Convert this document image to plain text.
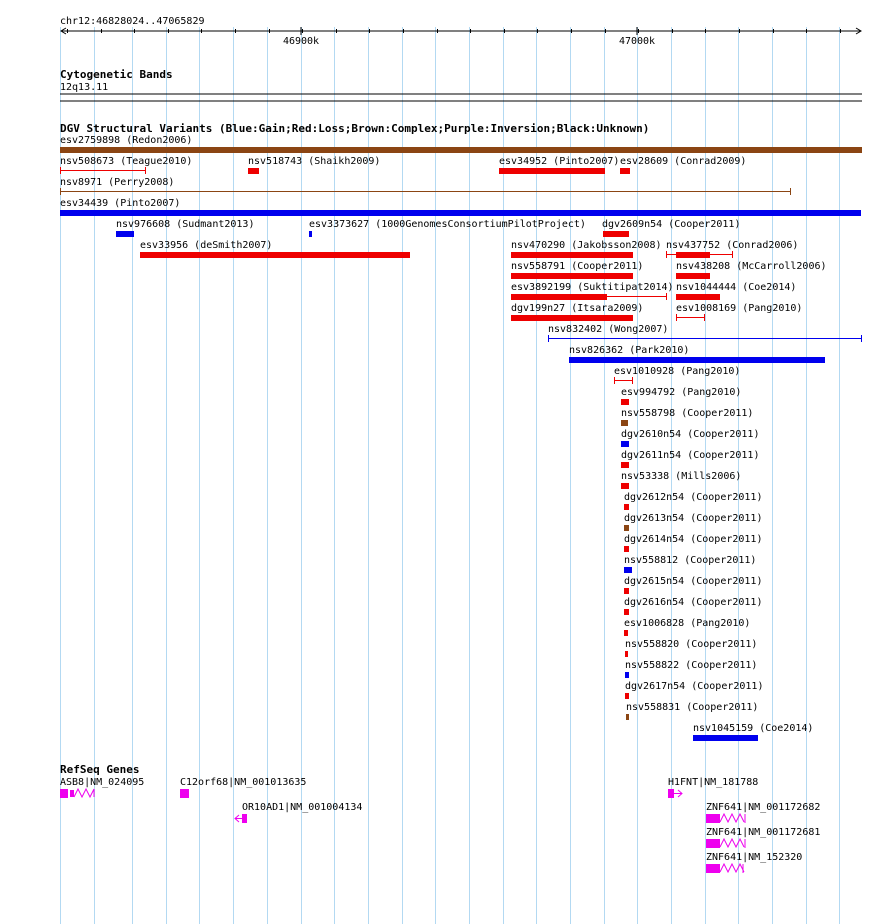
chr12:46828024..47065829
46900k	47000k
Cytogenetic Bands
12q13.11
DGV Structural Variants (Blue:Gain;Red:Loss;Brown:Complex;Purple:Inversion;Black:Unknown)
esv2759898 (Redon2006)
nsv508673 (Teague2010)	nsv518743 (Shaikh2009)	esv34952 (Pinto2007) esv28609 (Conrad2009)
nsv8971 (Perry2008)
esv34439 (Pinto2007)
nsv976608 (Sudmant2013)	esv3373627 (1000GenomesConsortiumPilotProject) dgv2609n54 (Cooper2011)
esv33956 (deSmith2007)	nsv470290 (Jakobsson2008) nsv437752 (Conrad2006)
nsv558791 (Cooper2011)	nsv438208 (McCarroll2006)
esv3892199 (Suktitipat2014) nsv1044444 (Coe2014)
dgv199n27 (Itsara2009)	esv1008169 (Pang2010)
nsv832402 (Wong2007)
nsv826362 (Park2010)
esv1010928 (Pang2010)
esv994792 (Pang2010)
nsv558798 (Cooper2011)
dgv2610n54 (Cooper2011)
dgv2611n54 (Cooper2011)
nsv53338 (Mills2006)
dgv2612n54 (Cooper2011)
dgv2613n54 (Cooper2011)
dgv2614n54 (Cooper2011)
nsv558812 (Cooper2011)
dgv2615n54 (Cooper2011)
dgv2616n54 (Cooper2011)
esv1006828 (Pang2010)
nsv558820 (Cooper2011)
nsv558822 (Cooper2011)
dgv2617n54 (Cooper2011)
nsv558831 (Cooper2011)
nsv1045159 (Coe2014)
RefSeq Genes
ASB8|NM_024095	C12orf68|NM_001013635
OR10AD1|NM_001004134
H1FNT|NM_181788
ZNF641|NM_001172682
ZNF641|NM_001172681
ZNF641|NM_152320
